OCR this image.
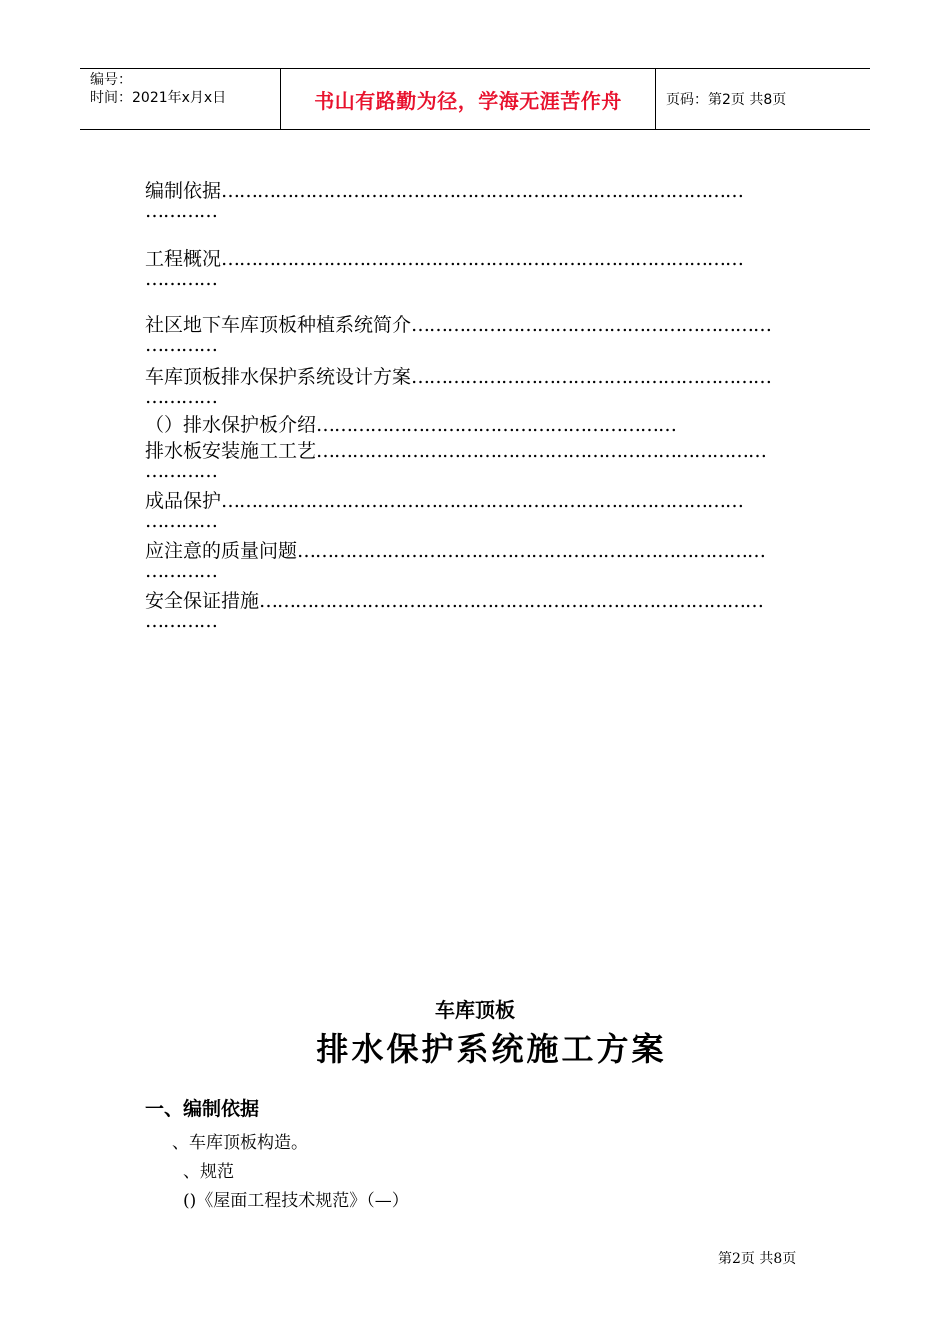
编号：
时间：2021年x月x日	书山有路勤为径，学海无涯苦作舟	页码：第2页 共8页
编制依据……………………………………………………………………………
…………
工程概况……………………………………………………………………………
…………
社区地下车库顶板种植系统简介……………………………………………………
…………
车库顶板排水保护系统设计方案……………………………………………………
…………
（）排水保护板介绍……………………………………………………
排水板安装施工工艺…………………………………………………………………
…………
成品保护……………………………………………………………………………
…………
应注意的质量问题……………………………………………………………………
…………
安全保证措施…………………………………………………………………………
…………
车库顶板
排水保护系统施工方案
一、编制依据
、车库顶板构造。
、规范
()《屋面工程技术规范》（—）
第2页 共8页
